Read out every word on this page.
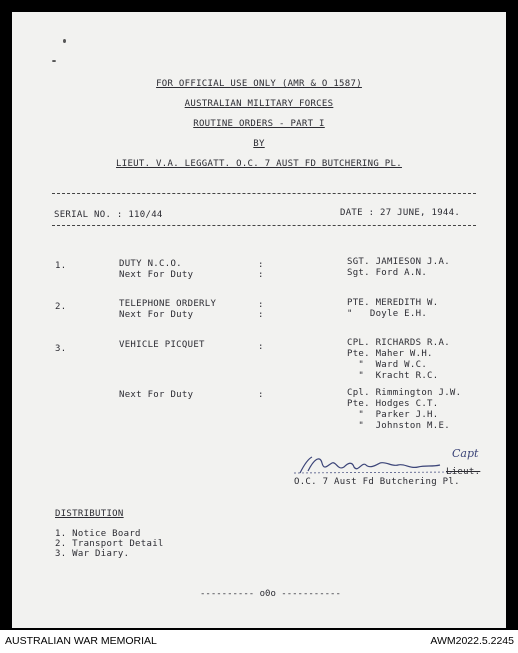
FOR OFFICIAL USE ONLY (AMR & O 1587)
AUSTRALIAN MILITARY FORCES
ROUTINE ORDERS - PART I
BY
LIEUT. V.A. LEGGATT. O.C. 7 AUST FD BUTCHERING PL.
SERIAL NO. : 110/44	DATE : 27 JUNE, 1944.
1.	DUTY N.C.O.	:	SGT. JAMIESON J.A.
Next For Duty	:	Sgt. Ford A.N.
2.	TELEPHONE ORDERLY	:	PTE. MEREDITH W.
Next For Duty	:	"   Doyle E.H.
3.	VEHICLE PICQUET	:	CPL. RICHARDS R.A.
Pte. Maher W.H.
"  Ward W.C.
"  Kracht R.C.
Next For Duty	:	Cpl. Rimmington J.W.
Pte. Hodges C.T.
"  Parker J.H.
"  Johnston M.E.
Capt
Lieut.
O.C. 7 Aust Fd Butchering Pl.
DISTRIBUTION
1. Notice Board
2. Transport Detail
3. War Diary.
---------- o0o -----------
AUSTRALIAN WAR MEMORIAL	AWM2022.5.2245
